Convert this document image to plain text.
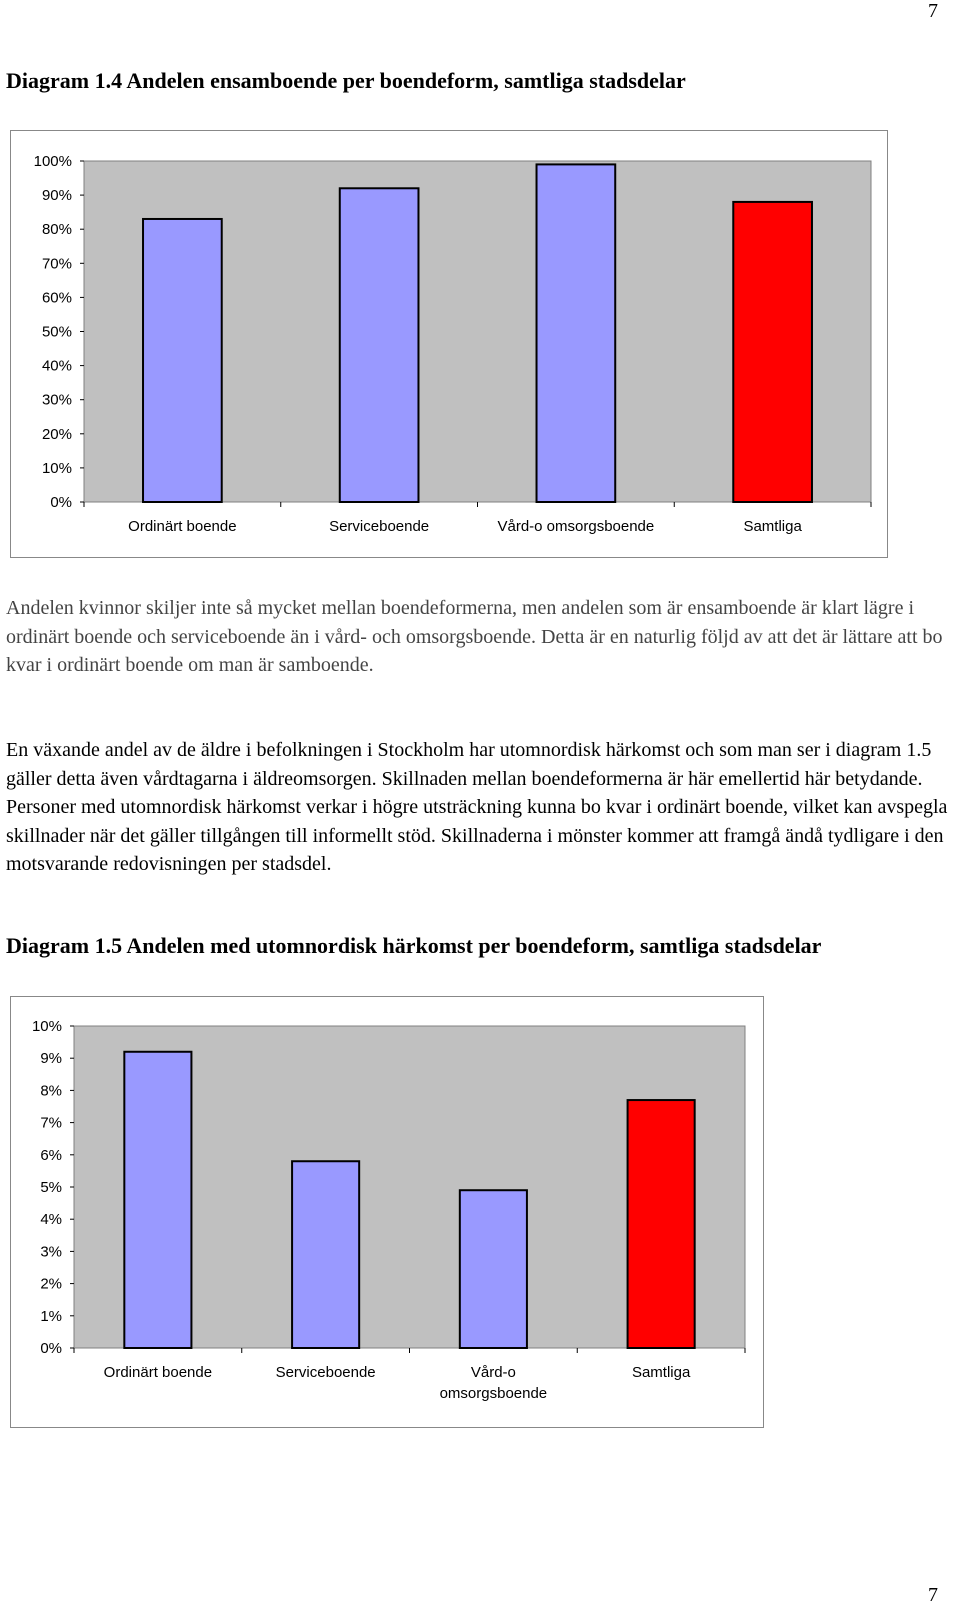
7
Diagram 1.4 Andelen ensamboende per boendeform, samtliga stadsdelar
0%
10%
20%
30%
40%
50%
60%
70%
80%
90%
100%
Ordinärt boende	Serviceboende	Vård-o omsorgsboende	Samtliga
Andelen kvinnor skiljer inte så mycket mellan boendeformerna, men andelen som är ensamboende är klart lägre i ordinärt boende och serviceboende än i vård- och omsorgsboende. Detta är en naturlig följd av att det är lättare att bo kvar i ordinärt boende om man är samboende.
En växande andel av de äldre i befolkningen i Stockholm har utomnordisk härkomst och som man ser i diagram 1.5 gäller detta även vårdtagarna i äldreomsorgen. Skillnaden mellan boendeformerna är här emellertid här betydande. Personer med utomnordisk härkomst verkar i högre utsträckning kunna bo kvar i ordinärt boende, vilket kan avspegla skillnader när det gäller tillgången till informellt stöd. Skillnaderna i mönster kommer att framgå ändå tydligare i den motsvarande redovisningen per stadsdel.
Diagram 1.5 Andelen med utomnordisk härkomst per boendeform, samtliga stadsdelar
0%
1%
2%
3%
4%
5%
6%
7%
8%
9%
10%
Ordinärt boende	Serviceboende	Vård-o
omsorgsboende
Samtliga
7
